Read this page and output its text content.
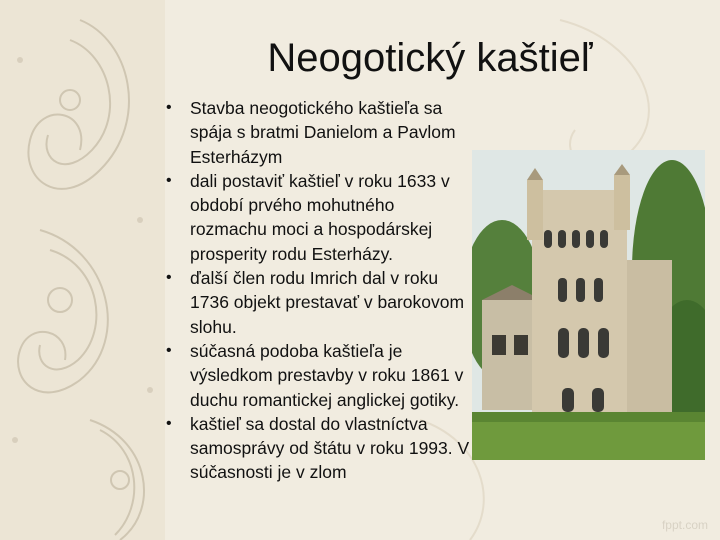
Neogotický kaštieľ
• Stavba neogotického kaštieľa sa spája s bratmi Danielom a Pavlom Esterházym
• dali postaviť kaštieľ v roku 1633 v období prvého mohutného rozmachu moci a hospodárskej prosperity rodu Esterházy.
• ďalší člen rodu Imrich dal v roku 1736 objekt prestavať v barokovom slohu.
• súčasná podoba kaštieľa je výsledkom prestavby v roku 1861 v duchu romantickej anglickej gotiky.
• kaštieľ sa dostal do vlastníctva samosprávy od štátu v roku 1993. V súčasnosti je v zlom
fppt.com
